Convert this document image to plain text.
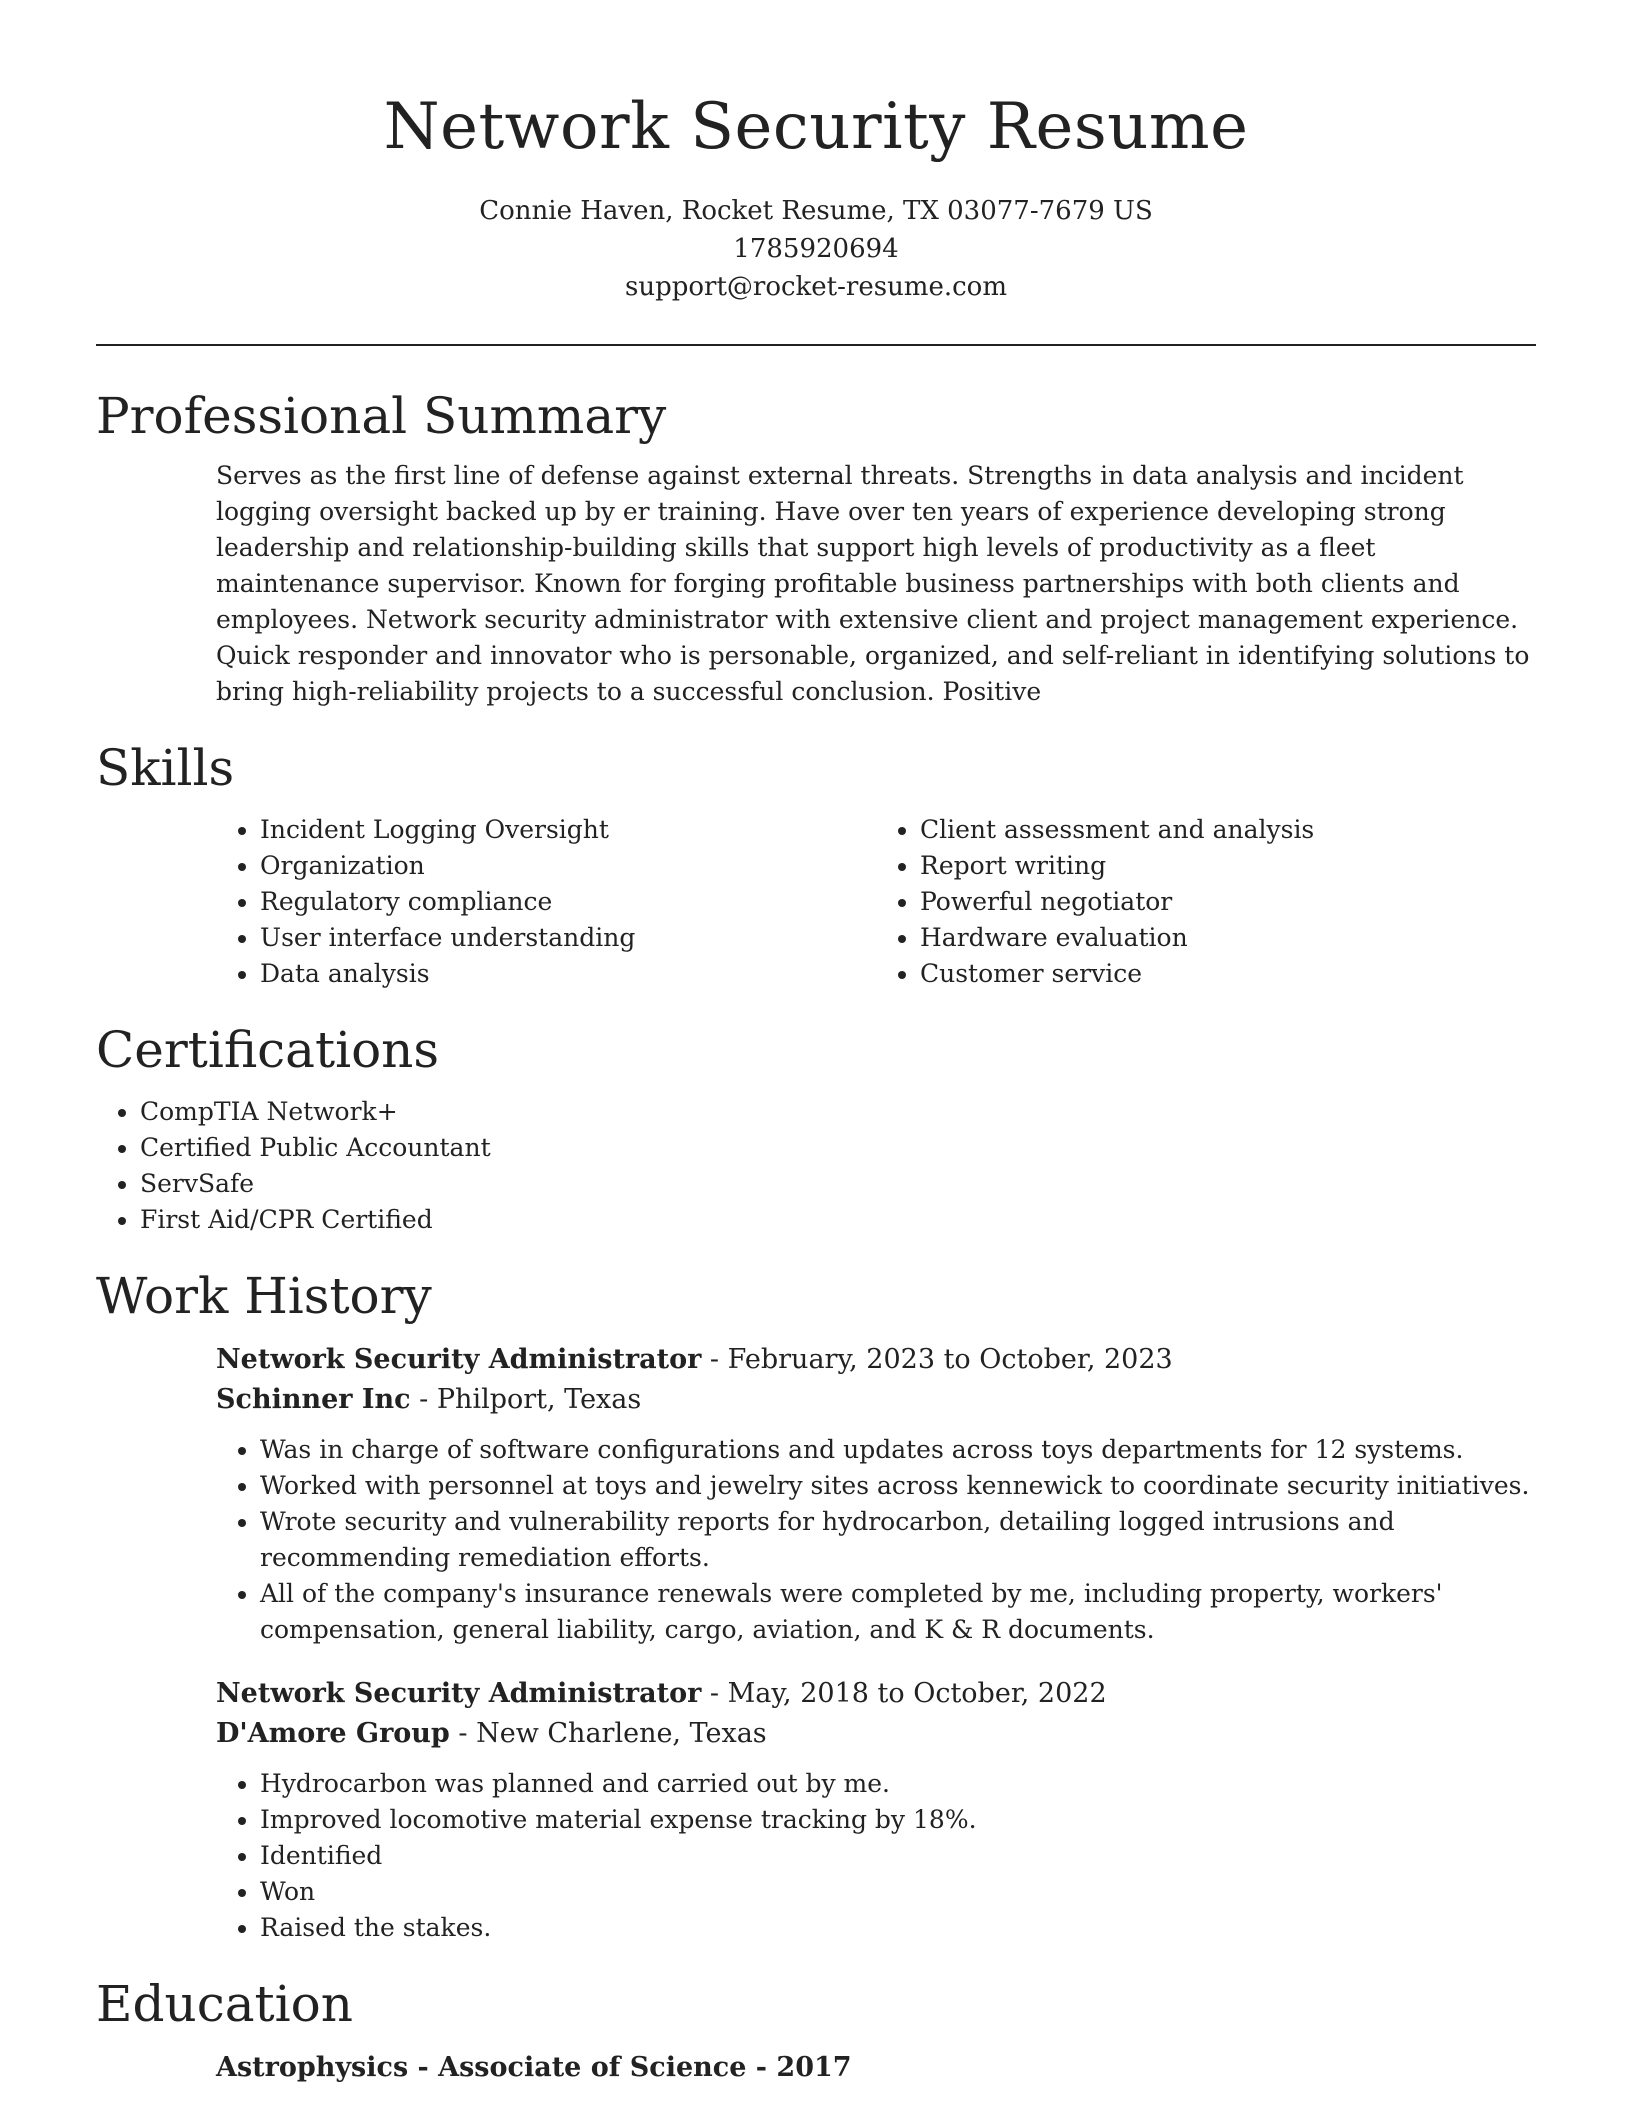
Network Security Resume
Connie Haven, Rocket Resume, TX 03077-7679 US
1785920694
support@rocket-resume.com
Professional Summary

Serves as the first line of defense against external threats. Strengths in data analysis and incident logging oversight backed up by er training. Have over ten years of experience developing strong leadership and relationship-building skills that support high levels of productivity as a fleet maintenance supervisor. Known for forging profitable business partnerships with both clients and employees. Network security administrator with extensive client and project management experience. Quick responder and innovator who is personable, organized, and self-reliant in identifying solutions to bring high-reliability projects to a successful conclusion. Positive

Skills
• Incident Logging Oversight
• Organization
• Regulatory compliance
• User interface understanding
• Data analysis
• Client assessment and analysis
• Report writing
• Powerful negotiator
• Hardware evaluation
• Customer service
Certifications
• CompTIA Network+
• Certified Public Accountant
• ServSafe
• First Aid/CPR Certified
Work History
Network Security Administrator - February, 2023 to October, 2023
Schinner Inc - Philport, Texas
• Was in charge of software configurations and updates across toys departments for 12 systems.
• Worked with personnel at toys and jewelry sites across kennewick to coordinate security initiatives.
• Wrote security and vulnerability reports for hydrocarbon, detailing logged intrusions and recommending remediation efforts.
• All of the company's insurance renewals were completed by me, including property, workers' compensation, general liability, cargo, aviation, and K & R documents.
Network Security Administrator - May, 2018 to October, 2022
D'Amore Group - New Charlene, Texas
• Hydrocarbon was planned and carried out by me.
• Improved locomotive material expense tracking by 18%.
• Identified
• Won
• Raised the stakes.
Education
Astrophysics - Associate of Science - 2017
